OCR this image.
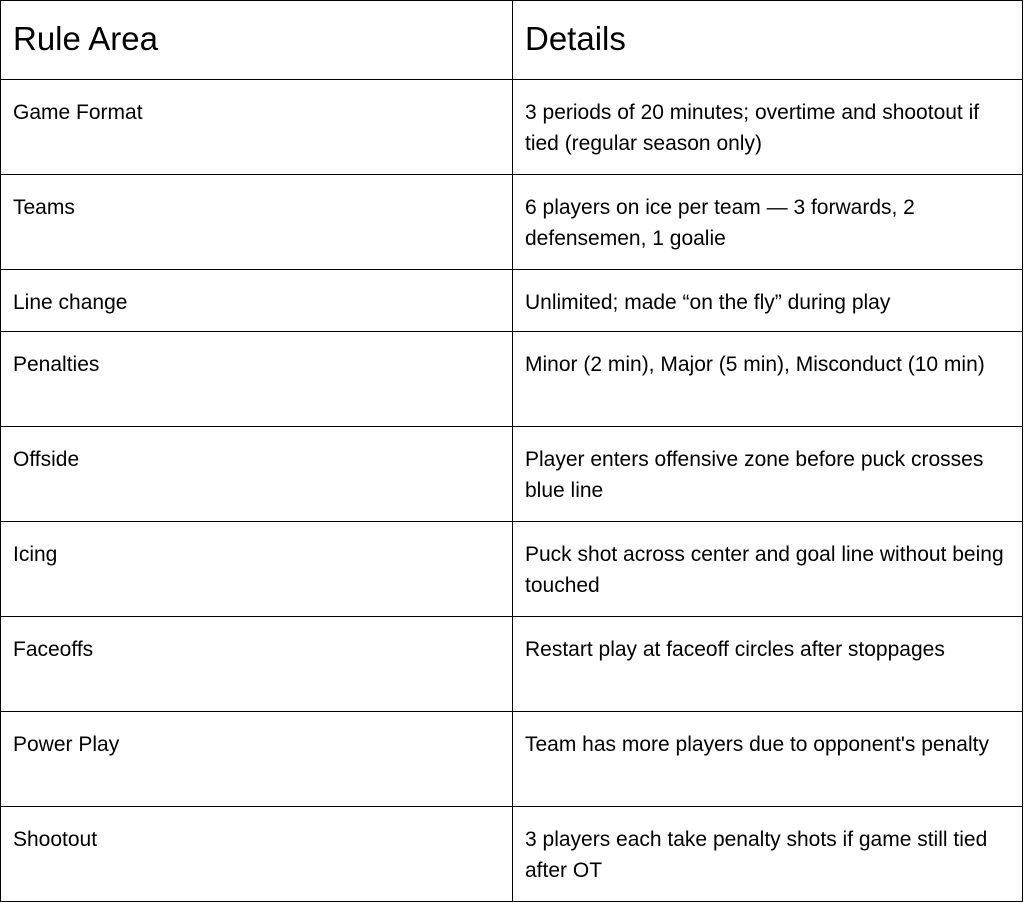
Rule Area	Details
Game Format	3 periods of 20 minutes; overtime and shootout if tied (regular season only)
Teams	6 players on ice per team — 3 forwards, 2 defensemen, 1 goalie
Line change	Unlimited; made “on the fly” during play
Penalties	Minor (2 min), Major (5 min), Misconduct (10 min)
Offside	Player enters offensive zone before puck crosses blue line
Icing	Puck shot across center and goal line without being touched
Faceoffs	Restart play at faceoff circles after stoppages
Power Play	Team has more players due to opponent's penalty
Shootout	3 players each take penalty shots if game still tied after OT
